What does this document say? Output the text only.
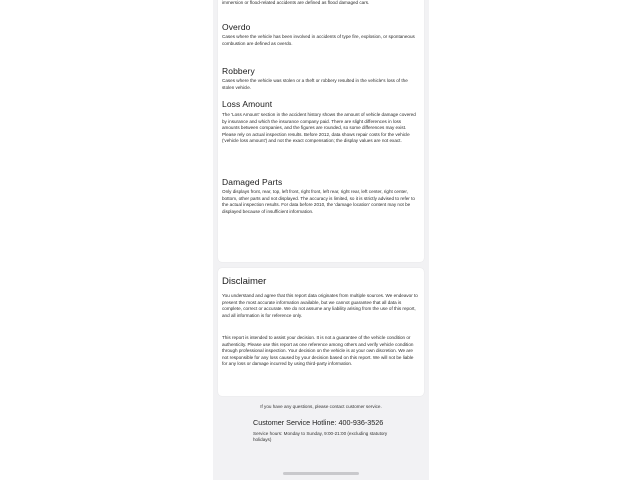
immersion or flood-related accidents are defined as flood damaged cars.
Overdo
Cases where the vehicle has been involved in accidents of type fire, explosion, or spontaneous combustion are defined as overdo.
Robbery
Cases where the vehicle was stolen or a theft or robbery resulted in the vehicle's loss of the stolen vehicle.
Loss Amount
The 'Loss Amount' section in the accident history shows the amount of vehicle damage covered by insurance and which the insurance company paid. There are slight differences in loss amounts between companies, and the figures are rounded, so some differences may exist. Please rely on actual inspection results. Before 2012, data shows repair costs for the vehicle ('vehicle loss amount') and not the exact compensation; the display values are not exact.
Damaged Parts
Only displays front, rear, top, left front, right front, left rear, right rear, left center, right center, bottom, other parts and not displayed. The accuracy is limited, so it is strictly advised to refer to the actual inspection results. For data before 2010, the 'damage location' content may not be displayed because of insufficient information.
Disclaimer
You understand and agree that this report data originates from multiple sources. We endeavor to present the most accurate information available, but we cannot guarantee that all data is complete, correct or accurate. We do not assume any liability arising from the use of this report, and all information is for reference only.
This report is intended to assist your decision. It is not a guarantee of the vehicle condition or authenticity. Please use this report as one reference among others and verify vehicle condition through professional inspection. Your decision on the vehicle is at your own discretion. We are not responsible for any loss caused by your decision based on this report. We will not be liable for any loss or damage incurred by using third-party information.
If you have any questions, please contact customer service.
Customer Service Hotline: 400-936-3526
Service hours: Monday to Sunday, 9:00-21:00 (excluding statutory holidays)
